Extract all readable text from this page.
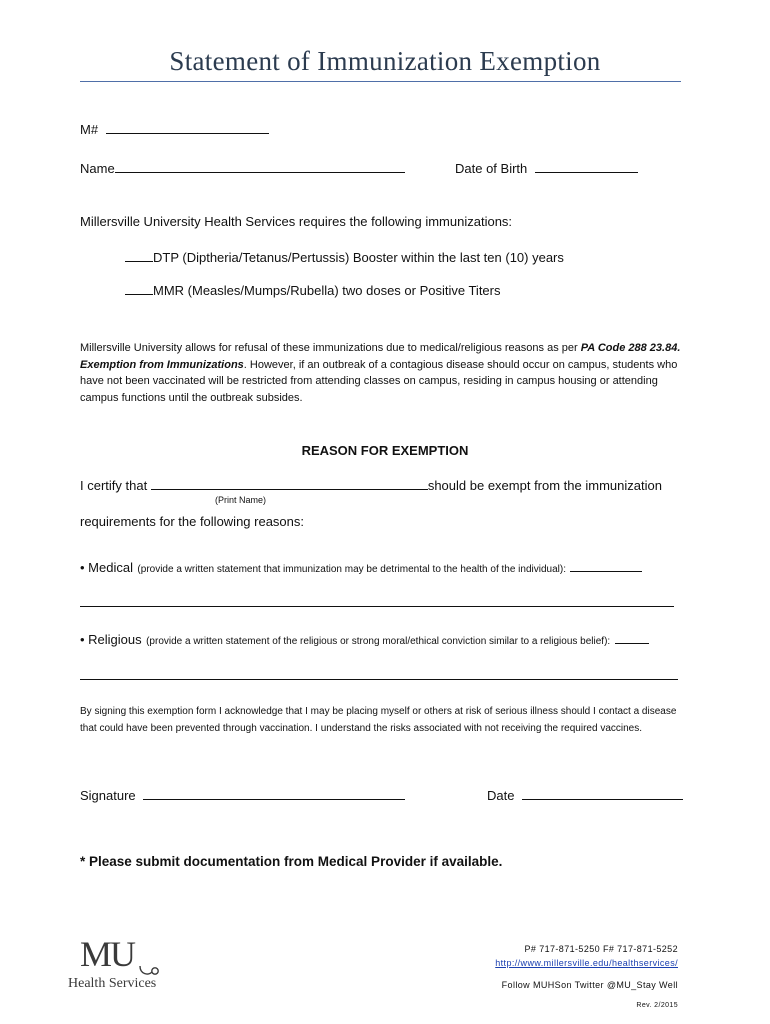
Statement of Immunization Exemption
M#
Name	Date of Birth
Millersville University Health Services requires the following immunizations:
DTP (Diptheria/Tetanus/Pertussis) Booster within the last ten (10) years
MMR (Measles/Mumps/Rubella) two doses or Positive Titers
Millersville University allows for refusal of these immunizations due to medical/religious reasons as per PA Code 288 23.84. Exemption from Immunizations. However, if an outbreak of a contagious disease should occur on campus, students who have not been vaccinated will be restricted from attending classes on campus, residing in campus housing or attending campus functions until the outbreak subsides.
REASON FOR EXEMPTION
I certify that	should be exempt from the immunization
(Print Name)
requirements for the following reasons:
• Medical (provide a written statement that immunization may be detrimental to the health of the individual):
• Religious (provide a written statement of the religious or strong moral/ethical conviction similar to a religious belief):
By signing this exemption form I acknowledge that I may be placing myself or others at risk of serious illness should I contact a disease that could have been prevented through vaccination. I understand the risks associated with not receiving the required vaccines.
Signature	Date
* Please submit documentation from Medical Provider if available.
MU
Health Services
P# 717-871-5250 F# 717-871-5252
http://www.millersville.edu/healthservices/
Follow MUHSon Twitter @MU_Stay Well
Rev. 2/2015
